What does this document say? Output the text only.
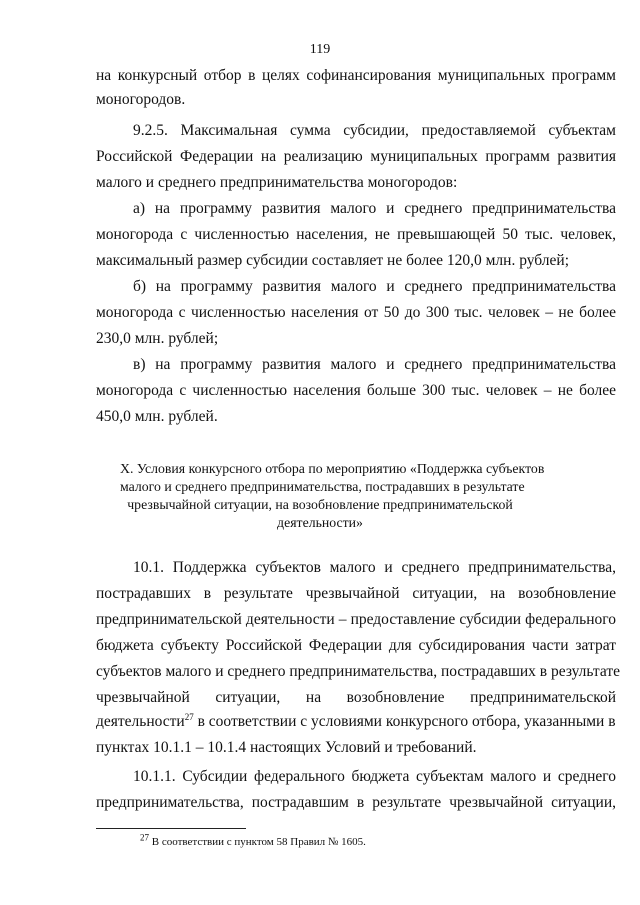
119
на конкурсный отбор в целях софинансирования муниципальных программ
моногородов.
9.2.5. Максимальная сумма субсидии, предоставляемой субъектам
Российской Федерации на реализацию муниципальных программ развития
малого и среднего предпринимательства моногородов:
а) на программу развития малого и среднего предпринимательства
моногорода с численностью населения, не превышающей 50 тыс. человек,
максимальный размер субсидии составляет не более 120,0 млн. рублей;
б) на программу развития малого и среднего предпринимательства
моногорода с численностью населения от 50 до 300 тыс. человек – не более
230,0 млн. рублей;
в) на программу развития малого и среднего предпринимательства
моногорода с численностью населения больше 300 тыс. человек – не более
450,0 млн. рублей.
X. Условия конкурсного отбора по мероприятию «Поддержка субъектов
малого и среднего предпринимательства, пострадавших в результате
чрезвычайной ситуации, на возобновление предпринимательской
деятельности»
10.1. Поддержка субъектов малого и среднего предпринимательства,
пострадавших в результате чрезвычайной ситуации, на возобновление
предпринимательской деятельности – предоставление субсидии федерального
бюджета субъекту Российской Федерации для субсидирования части затрат
субъектов малого и среднего предпринимательства, пострадавших в результате
чрезвычайной ситуации, на возобновление предпринимательской
деятельности$^{27}$ в соответствии с условиями конкурсного отбора, указанными в
пунктах 10.1.1 – 10.1.4 настоящих Условий и требований.
10.1.1. Субсидии федерального бюджета субъектам малого и среднего
предпринимательства, пострадавшим в результате чрезвычайной ситуации,
$^{27}$ В соответствии с пунктом 58 Правил № 1605.
